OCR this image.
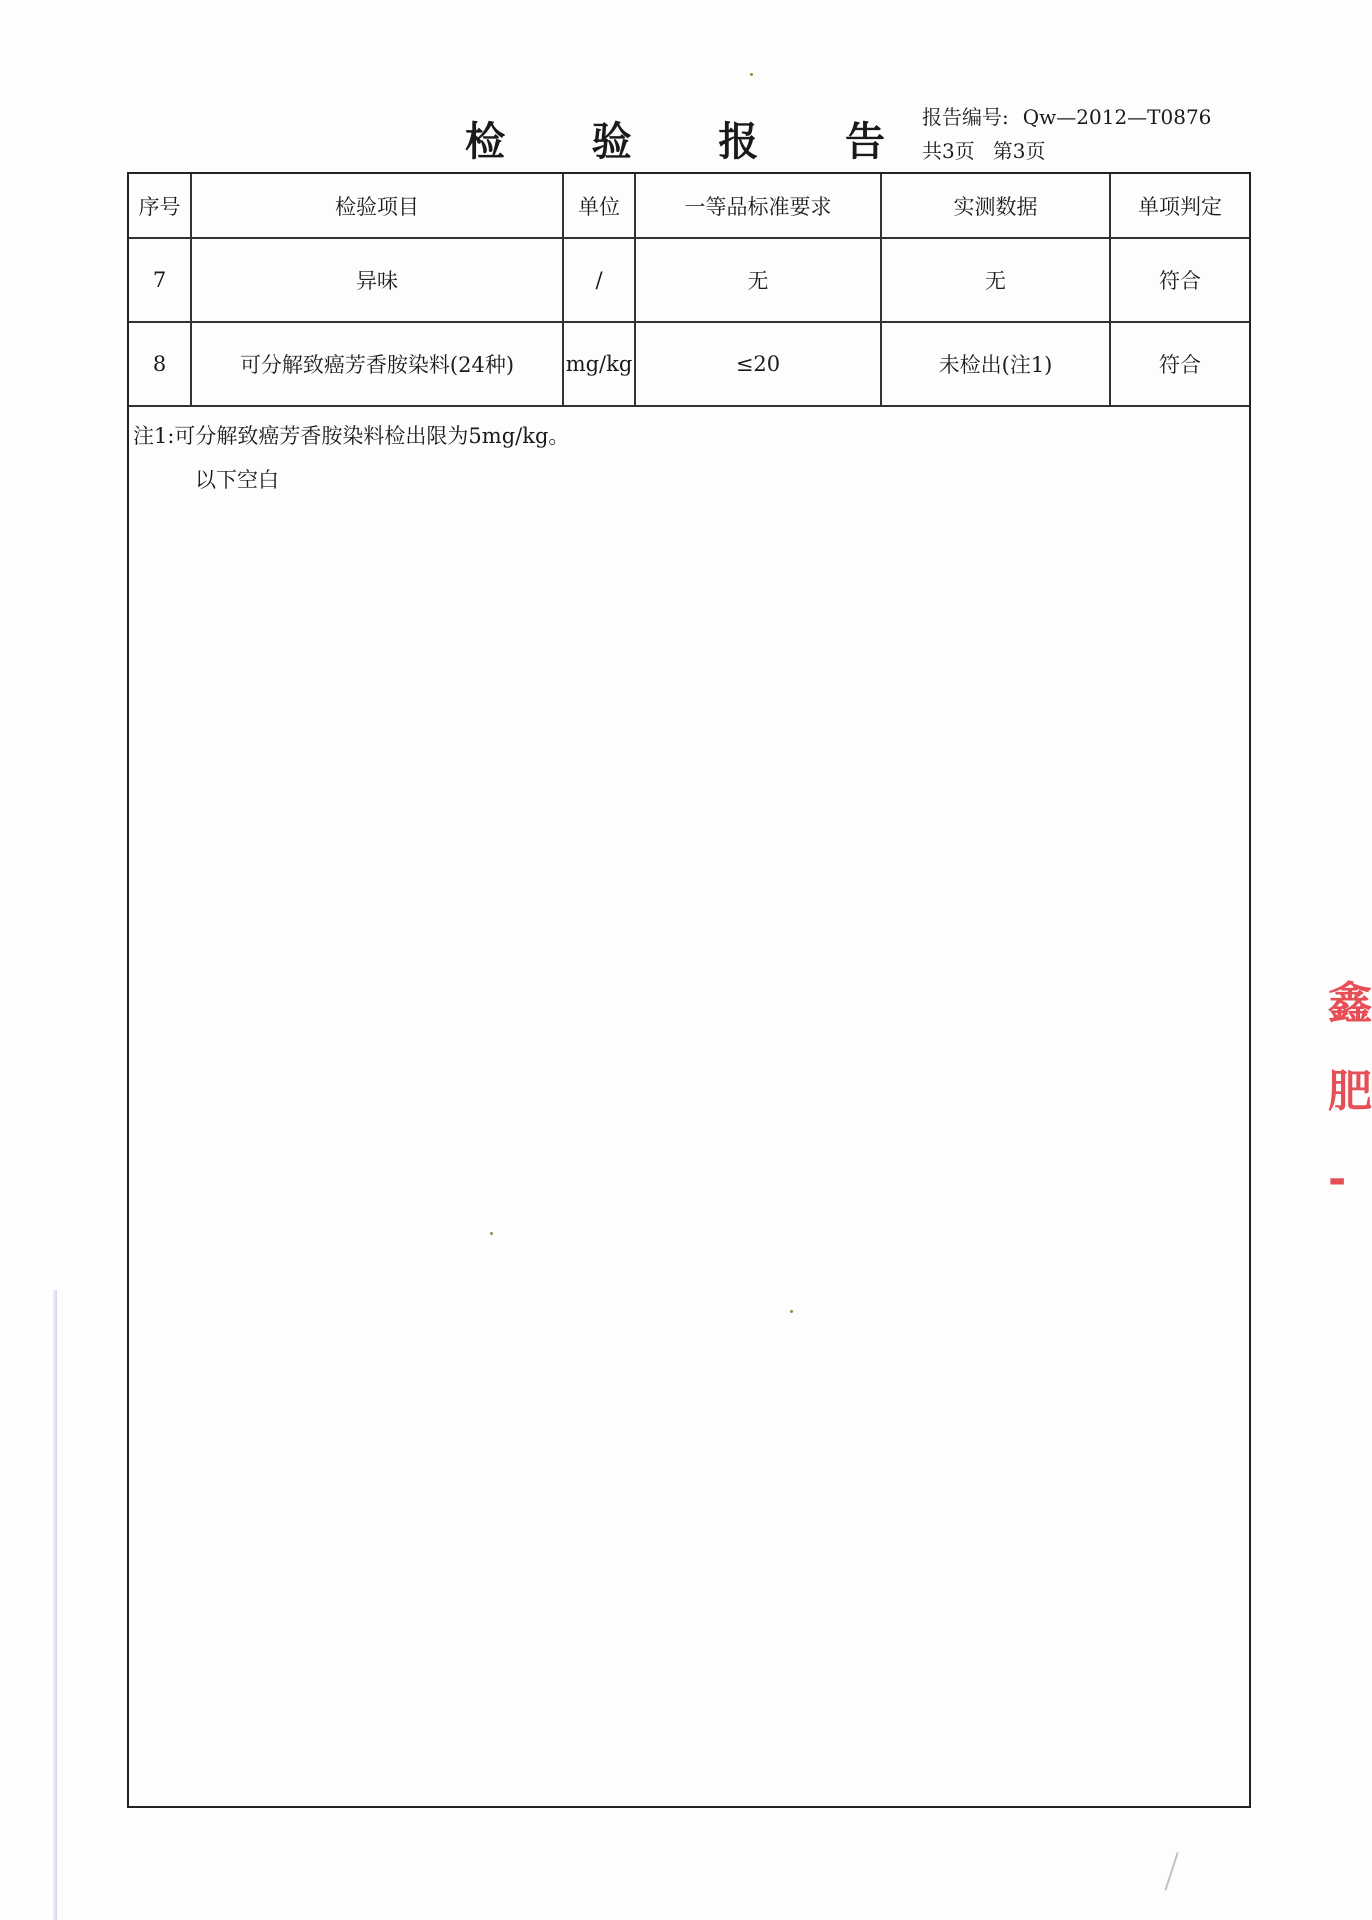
检 验 报 告
报告编号: Qw—2012—T0876
共3页 第3页
序号	检验项目	单位	一等品标准要求	实测数据	单项判定
7	异味	/	无	无	符合
8	可分解致癌芳香胺染料(24种)	mg/kg	≤20	未检出(注1)	符合
注1:可分解致癌芳香胺染料检出限为5mg/kg。
以下空白
鑫
肥
-
